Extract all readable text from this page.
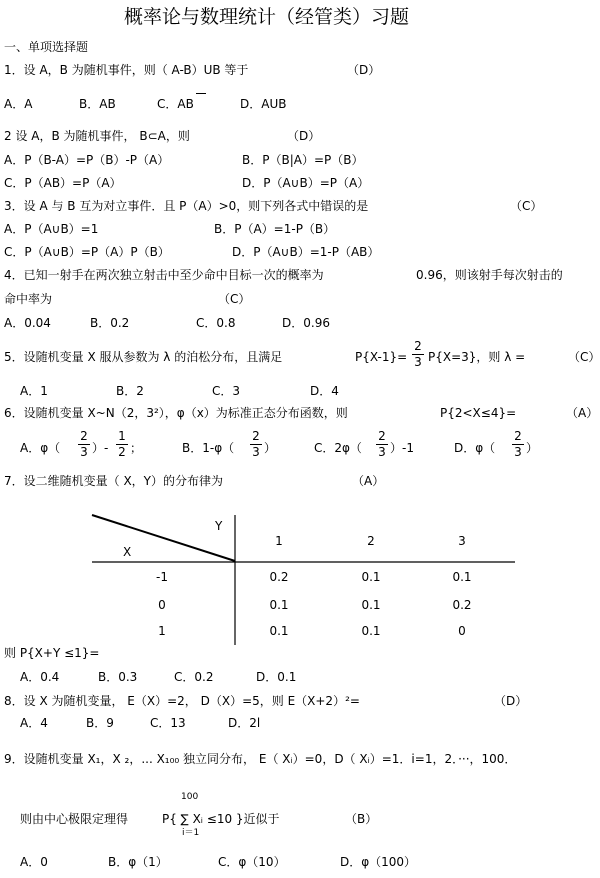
概率论与数理统计（经管类）习题
一、单项选择题
1．设 A，B 为随机事件，则（ A-B）UB 等于	（D）
A．A	B．AB	C．AB	D．AUB
2 设 A，B 为随机事件， B⊂A，则	（D）
A．P（B-A）=P（B）-P（A）	B．P（B|A）=P（B）
C．P（AB）=P（A）	D．P（A∪B）=P（A）
3．设 A 与 B 互为对立事件．且 P（A）>0，则下列各式中错误的是	（C）
A．P（A∪B）=1	B．P（A）=1-P（B）
C．P（A∪B）=P（A）P（B）	D．P（A∪B）=1-P（AB）
4．已知一射手在两次独立射击中至少命中目标一次的概率为	0.96，则该射手每次射击的
命中率为	（C）
A．0.04	B．0.2	C．0.8	D．0.96
5．设随机变量 X 服从参数为 λ 的泊松分布，且满足	P{X-1}=
2
3 P{X=3}，则 λ =	（C）
A．1	B．2	C．3	D．4
6．设随机变量 X~N（2，3²），φ（x）为标准正态分布函数，则	P{2<X≤4}=	（A）
A．φ（
2
3 ）-
1
2 ；	B．1-φ（
2
3 ）	C．2φ（
2
3 ）-1	D．φ（
2
3 ）
7．设二维随机变量（ X，Y）的分布律为	（A）
Y
X
1	2	3
-1	0.2	0.1	0.1
0	0.1	0.1	0.2
1	0.1	0.1	0
则 P{X+Y ≤1}=
A．0.4	B．0.3	C．0.2	D．0.1
8．设 X 为随机变量， E（X）=2， D（X）=5，则 E（X+2）²=	（D）
A．4	B．9	C．13	D．2l
9．设随机变量 X₁，X ₂，... X₁₀₀ 独立同分布， E（ Xᵢ）=0，D（ Xᵢ）=1．i=1，2．···，100．
则由中心极限定理得
100
P{ ∑ Xᵢ ≤10 }近似于
i＝1
（B）
A．0	B．φ（1）	C．φ（10）	D．φ（100）
